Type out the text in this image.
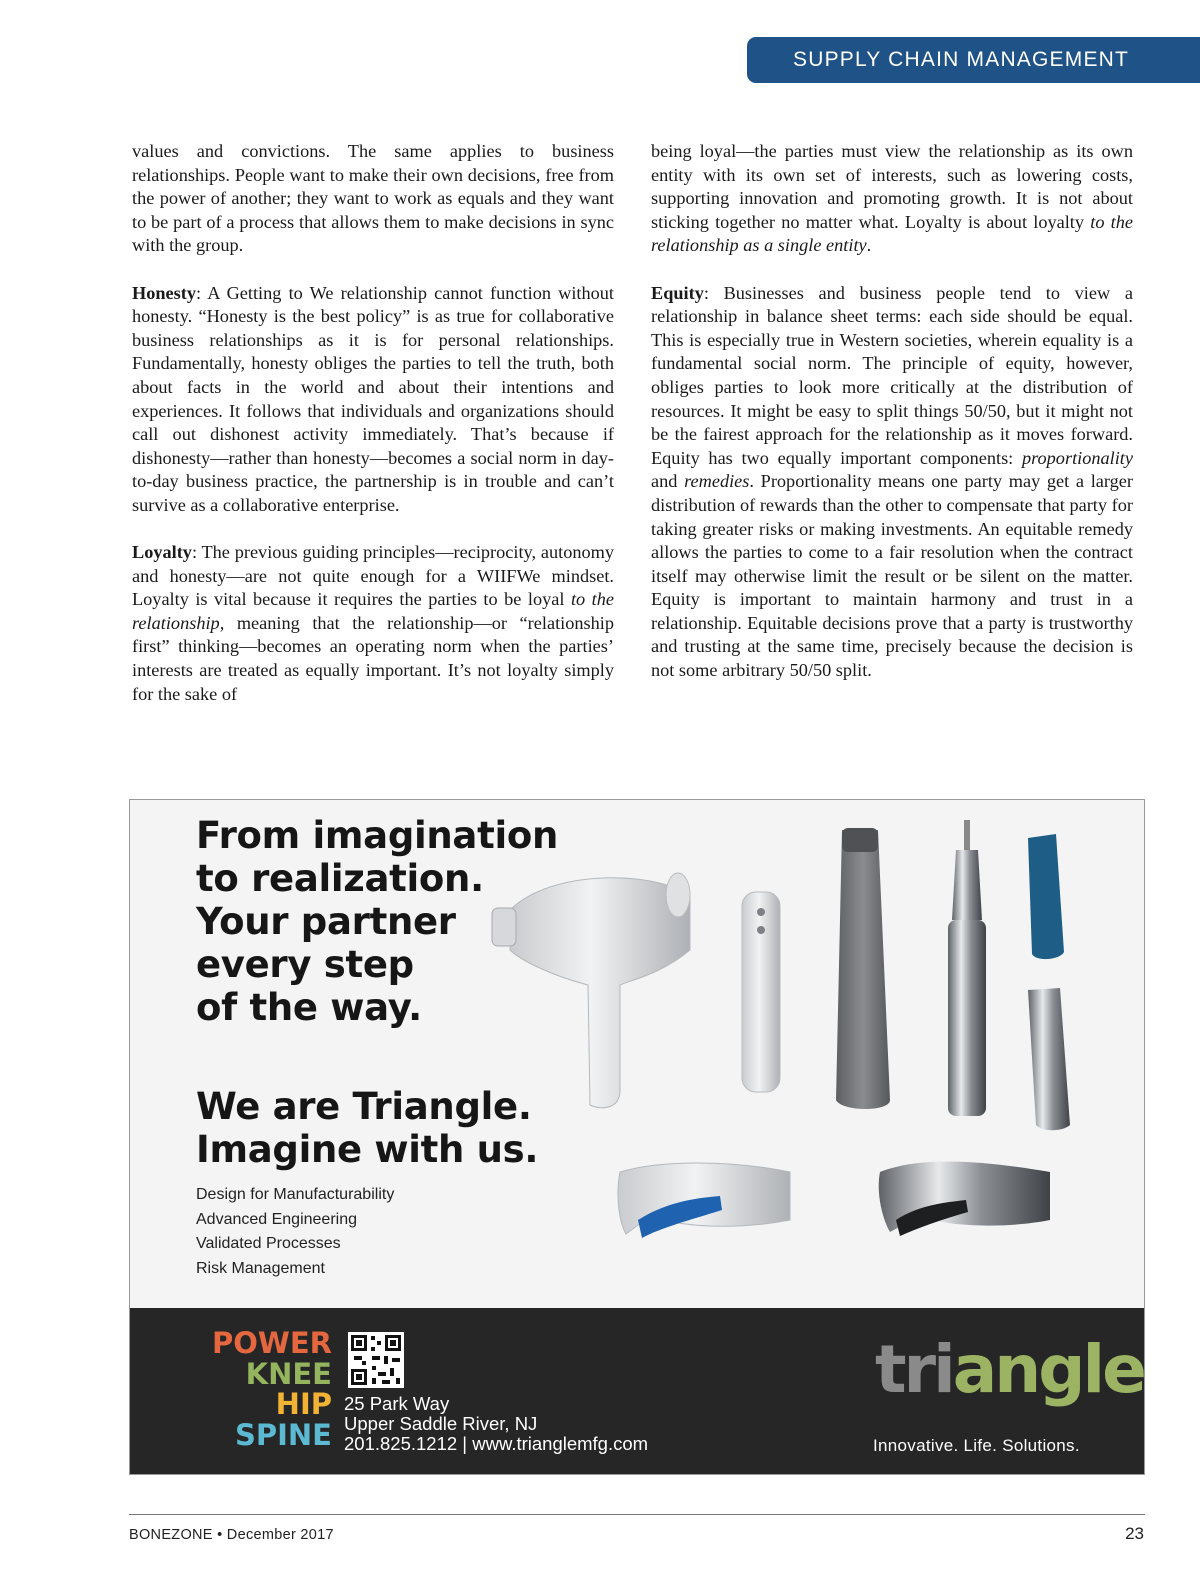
SUPPLY CHAIN MANAGEMENT

values and convictions. The same applies to business relationships. People want to make their own decisions, free from the power of another; they want to work as equals and they want to be part of a process that allows them to make decisions in sync with the group.

Honesty: A Getting to We relationship cannot function without honesty. “Honesty is the best policy” is as true for collaborative business relationships as it is for personal relationships. Fundamentally, honesty obliges the parties to tell the truth, both about facts in the world and about their intentions and experiences. It follows that individuals and organizations should call out dishonest activity immediately. That’s because if dishonesty—rather than honesty—becomes a social norm in day-to-day business practice, the partnership is in trouble and can’t survive as a collaborative enterprise.

Loyalty: The previous guiding principles—reciprocity, autonomy and honesty—are not quite enough for a WIIFWe mindset. Loyalty is vital because it requires the parties to be loyal to the relationship, meaning that the relationship—or “relationship first” thinking—becomes an operating norm when the parties’ interests are treated as equally important. It’s not loyalty simply for the sake of

being loyal—the parties must view the relationship as its own entity with its own set of interests, such as lowering costs, supporting innovation and promoting growth. It is not about sticking together no matter what. Loyalty is about loyalty to the relationship as a single entity.

Equity: Businesses and business people tend to view a relationship in balance sheet terms: each side should be equal. This is especially true in Western societies, wherein equality is a fundamental social norm. The principle of equity, however, obliges parties to look more critically at the distribution of resources. It might be easy to split things 50/50, but it might not be the fairest approach for the relationship as it moves forward. Equity has two equally important components: proportionality and remedies. Proportionality means one party may get a larger distribution of rewards than the other to compensate that party for taking greater risks or making investments. An equitable remedy allows the parties to come to a fair resolution when the contract itself may otherwise limit the result or be silent on the matter. Equity is important to maintain harmony and trust in a relationship. Equitable decisions prove that a party is trustworthy and trusting at the same time, precisely because the decision is not some arbitrary 50/50 split.

From imagination
to realization.
Your partner
every step
of the way.
We are Triangle.
Imagine with us.
Design for Manufacturability
Advanced Engineering
Validated Processes
Risk Management
POWER
KNEE
HIP
SPINE
25 Park Way
Upper Saddle River, NJ
201.825.1212 | www.trianglemfg.com
triangle
Innovative. Life. Solutions.
BONEZONE • December 2017	23
